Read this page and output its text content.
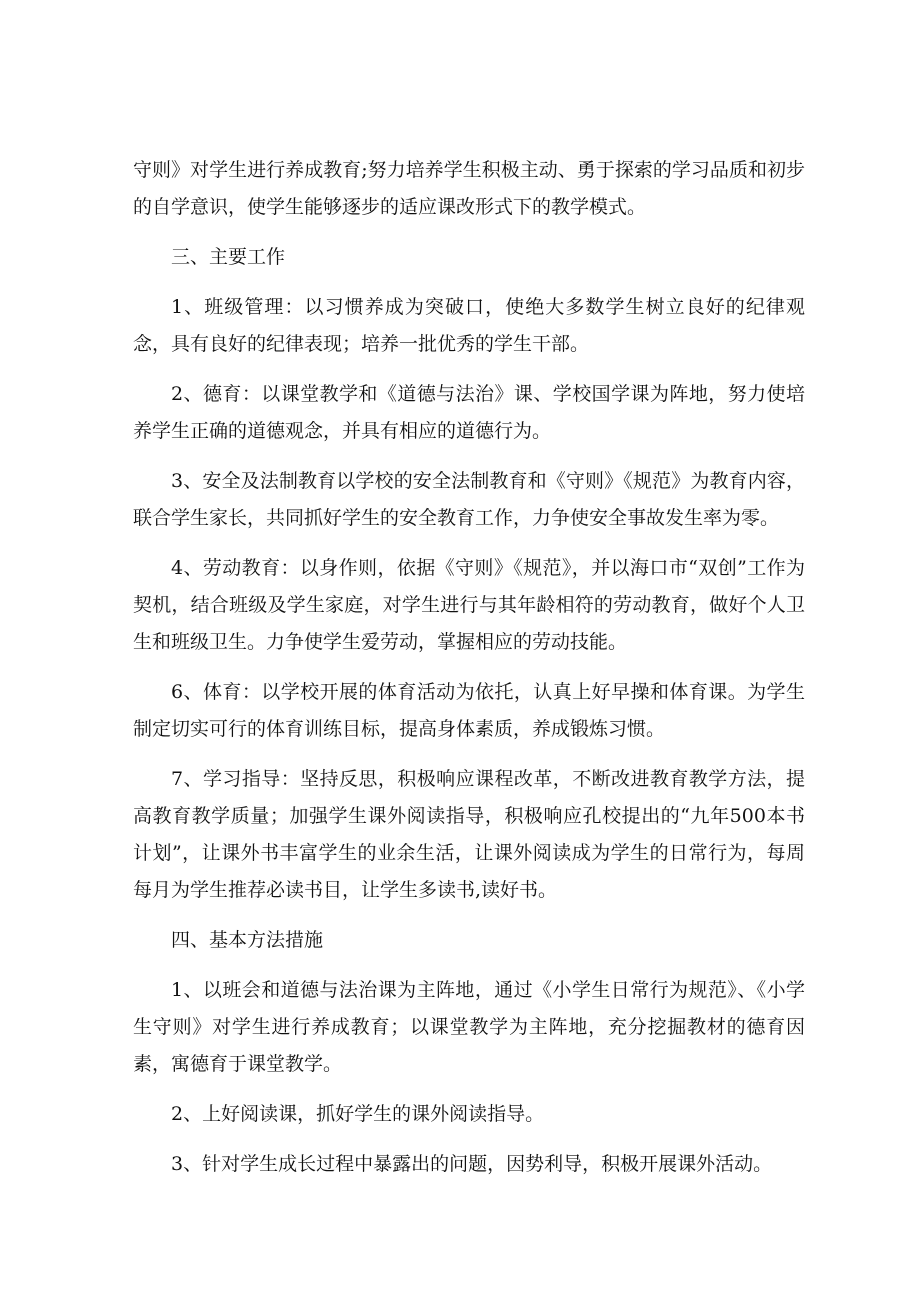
守则》对学生进行养成教育;努力培养学生积极主动、勇于探索的学习品质和初步的自学意识，使学生能够逐步的适应课改形式下的教学模式。

三、主要工作

1、班级管理：以习惯养成为突破口，使绝大多数学生树立良好的纪律观念，具有良好的纪律表现；培养一批优秀的学生干部。

2、德育：以课堂教学和《道德与法治》课、学校国学课为阵地，努力使培养学生正确的道德观念，并具有相应的道德行为。

3、安全及法制教育以学校的安全法制教育和《守则》《规范》为教育内容，联合学生家长，共同抓好学生的安全教育工作，力争使安全事故发生率为零。

4、劳动教育：以身作则，依据《守则》《规范》，并以海口市“双创”工作为契机，结合班级及学生家庭，对学生进行与其年龄相符的劳动教育，做好个人卫生和班级卫生。力争使学生爱劳动，掌握相应的劳动技能。

6、体育：以学校开展的体育活动为依托，认真上好早操和体育课。为学生制定切实可行的体育训练目标，提高身体素质，养成锻炼习惯。

7、学习指导：坚持反思，积极响应课程改革，不断改进教育教学方法，提高教育教学质量；加强学生课外阅读指导，积极响应孔校提出的“九年500本书计划”，让课外书丰富学生的业余生活，让课外阅读成为学生的日常行为，每周每月为学生推荐必读书目，让学生多读书,读好书。

四、基本方法措施

1、以班会和道德与法治课为主阵地，通过《小学生日常行为规范》、《小学生守则》对学生进行养成教育；以课堂教学为主阵地，充分挖掘教材的德育因素，寓德育于课堂教学。

2、上好阅读课，抓好学生的课外阅读指导。

3、针对学生成长过程中暴露出的问题，因势利导，积极开展课外活动。
